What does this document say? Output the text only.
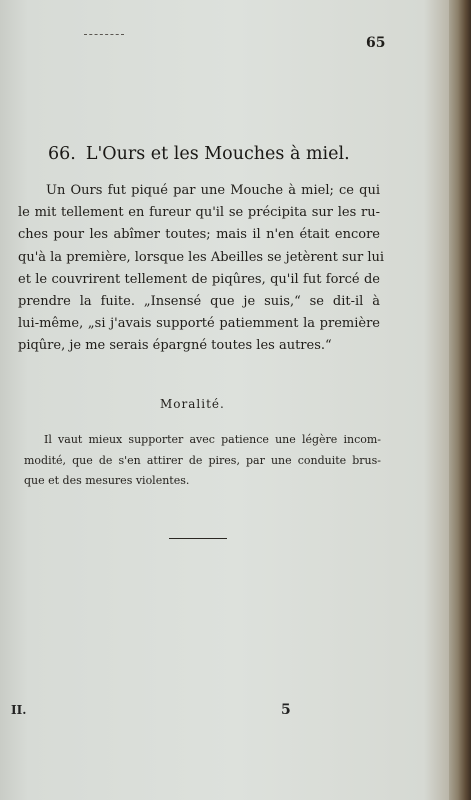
65
66. L'Ours et les Mouches à miel.
Un Ours fut piqué par une Mouche à miel; ce qui
le mit tellement en fureur qu'il se précipita sur les ru-
ches pour les abîmer toutes; mais il n'en était encore
qu'à la première, lorsque les Abeilles se jetèrent sur lui
et le couvrirent tellement de piqûres, qu'il fut forcé de
prendre la fuite. „Insensé que je suis,“ se dit-il à
lui-même, „si j'avais supporté patiemment la première
piqûre, je me serais épargné toutes les autres.“
Moralité.
Il vaut mieux supporter avec patience une légère incom-
modité, que de s'en attirer de pires, par une conduite brus-
que et des mesures violentes.
II.	5
